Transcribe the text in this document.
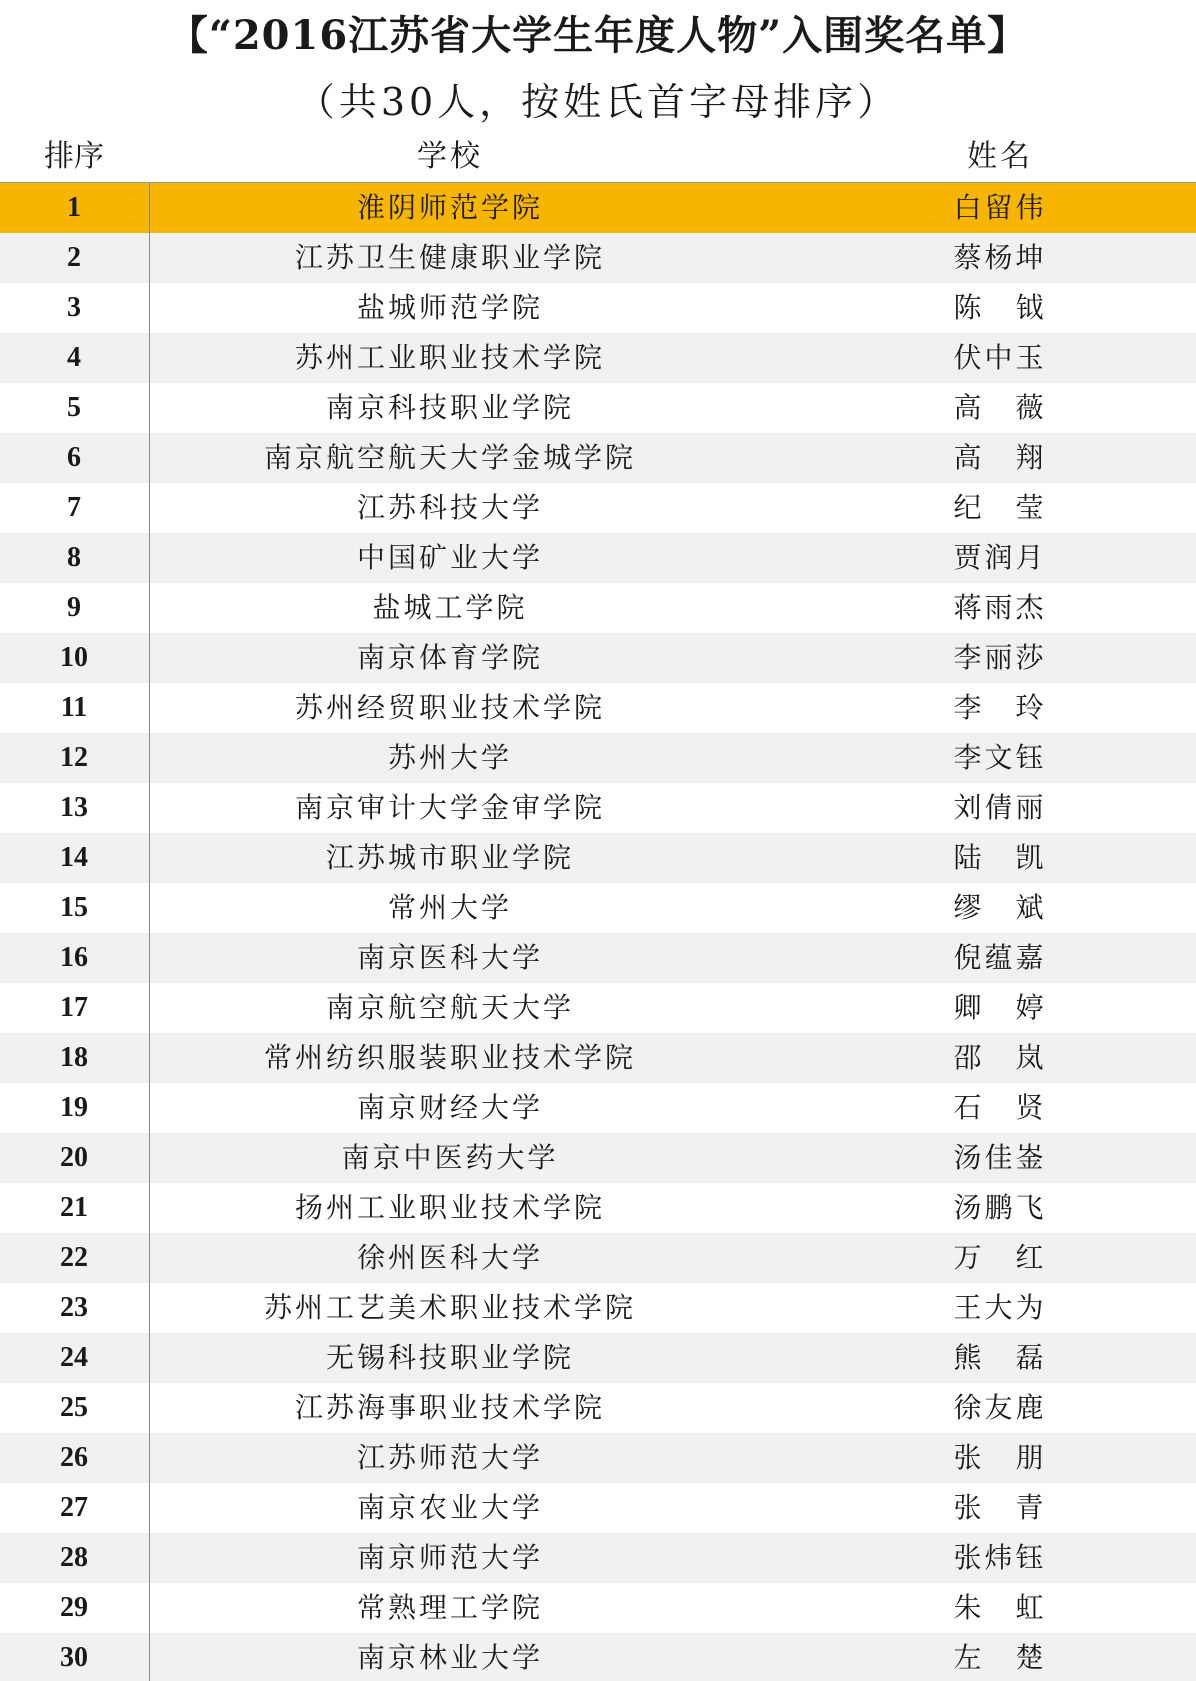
【“2016江苏省大学生年度人物”入围奖名单】
（共30人，按姓氏首字母排序）
排序	学校	姓名
1	淮阴师范学院	白留伟
2	江苏卫生健康职业学院	蔡杨坤
3	盐城师范学院	陈　钺
4	苏州工业职业技术学院	伏中玉
5	南京科技职业学院	高　薇
6	南京航空航天大学金城学院	高　翔
7	江苏科技大学	纪　莹
8	中国矿业大学	贾润月
9	盐城工学院	蒋雨杰
10	南京体育学院	李丽莎
11	苏州经贸职业技术学院	李　玲
12	苏州大学	李文钰
13	南京审计大学金审学院	刘倩丽
14	江苏城市职业学院	陆　凯
15	常州大学	缪　斌
16	南京医科大学	倪蕴嘉
17	南京航空航天大学	卿　婷
18	常州纺织服装职业技术学院	邵　岚
19	南京财经大学	石　贤
20	南京中医药大学	汤佳崟
21	扬州工业职业技术学院	汤鹏飞
22	徐州医科大学	万　红
23	苏州工艺美术职业技术学院	王大为
24	无锡科技职业学院	熊　磊
25	江苏海事职业技术学院	徐友鹿
26	江苏师范大学	张　朋
27	南京农业大学	张　青
28	南京师范大学	张炜钰
29	常熟理工学院	朱　虹
30	南京林业大学	左　楚
